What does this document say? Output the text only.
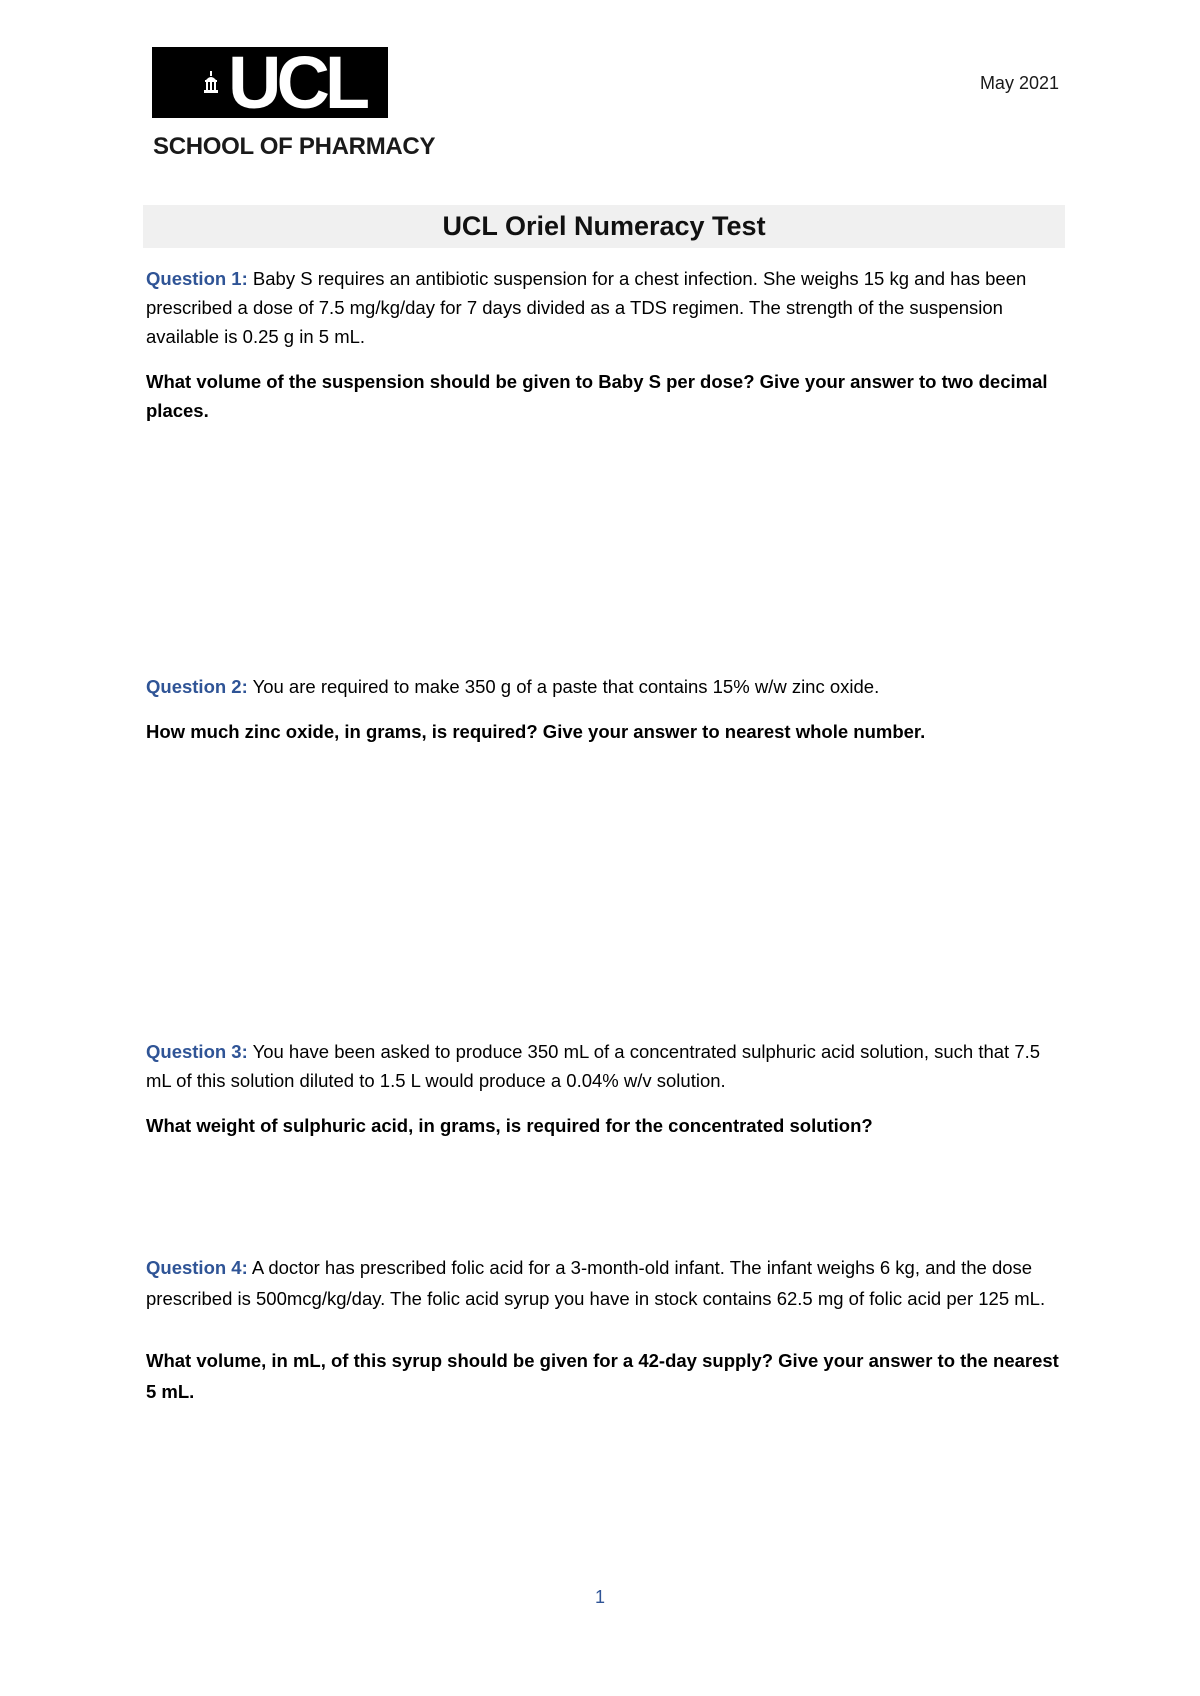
UCL
SCHOOL OF PHARMACY
May 2021
UCL Oriel Numeracy Test

Question 1: Baby S requires an antibiotic suspension for a chest infection. She weighs 15 kg and has been prescribed a dose of 7.5 mg/kg/day for 7 days divided as a TDS regimen. The strength of the suspension available is 0.25 g in 5 mL.

What volume of the suspension should be given to Baby S per dose? Give your answer to two decimal places.

Question 2: You are required to make 350 g of a paste that contains 15% w/w zinc oxide.

How much zinc oxide, in grams, is required? Give your answer to nearest whole number.

Question 3: You have been asked to produce 350 mL of a concentrated sulphuric acid solution, such that 7.5 mL of this solution diluted to 1.5 L would produce a 0.04% w/v solution.

What weight of sulphuric acid, in grams, is required for the concentrated solution?

Question 4: A doctor has prescribed folic acid for a 3-month-old infant. The infant weighs 6 kg, and the dose prescribed is 500mcg/kg/day. The folic acid syrup you have in stock contains 62.5 mg of folic acid per 125 mL.

What volume, in mL, of this syrup should be given for a 42-day supply? Give your answer to the nearest 5 mL.

1
